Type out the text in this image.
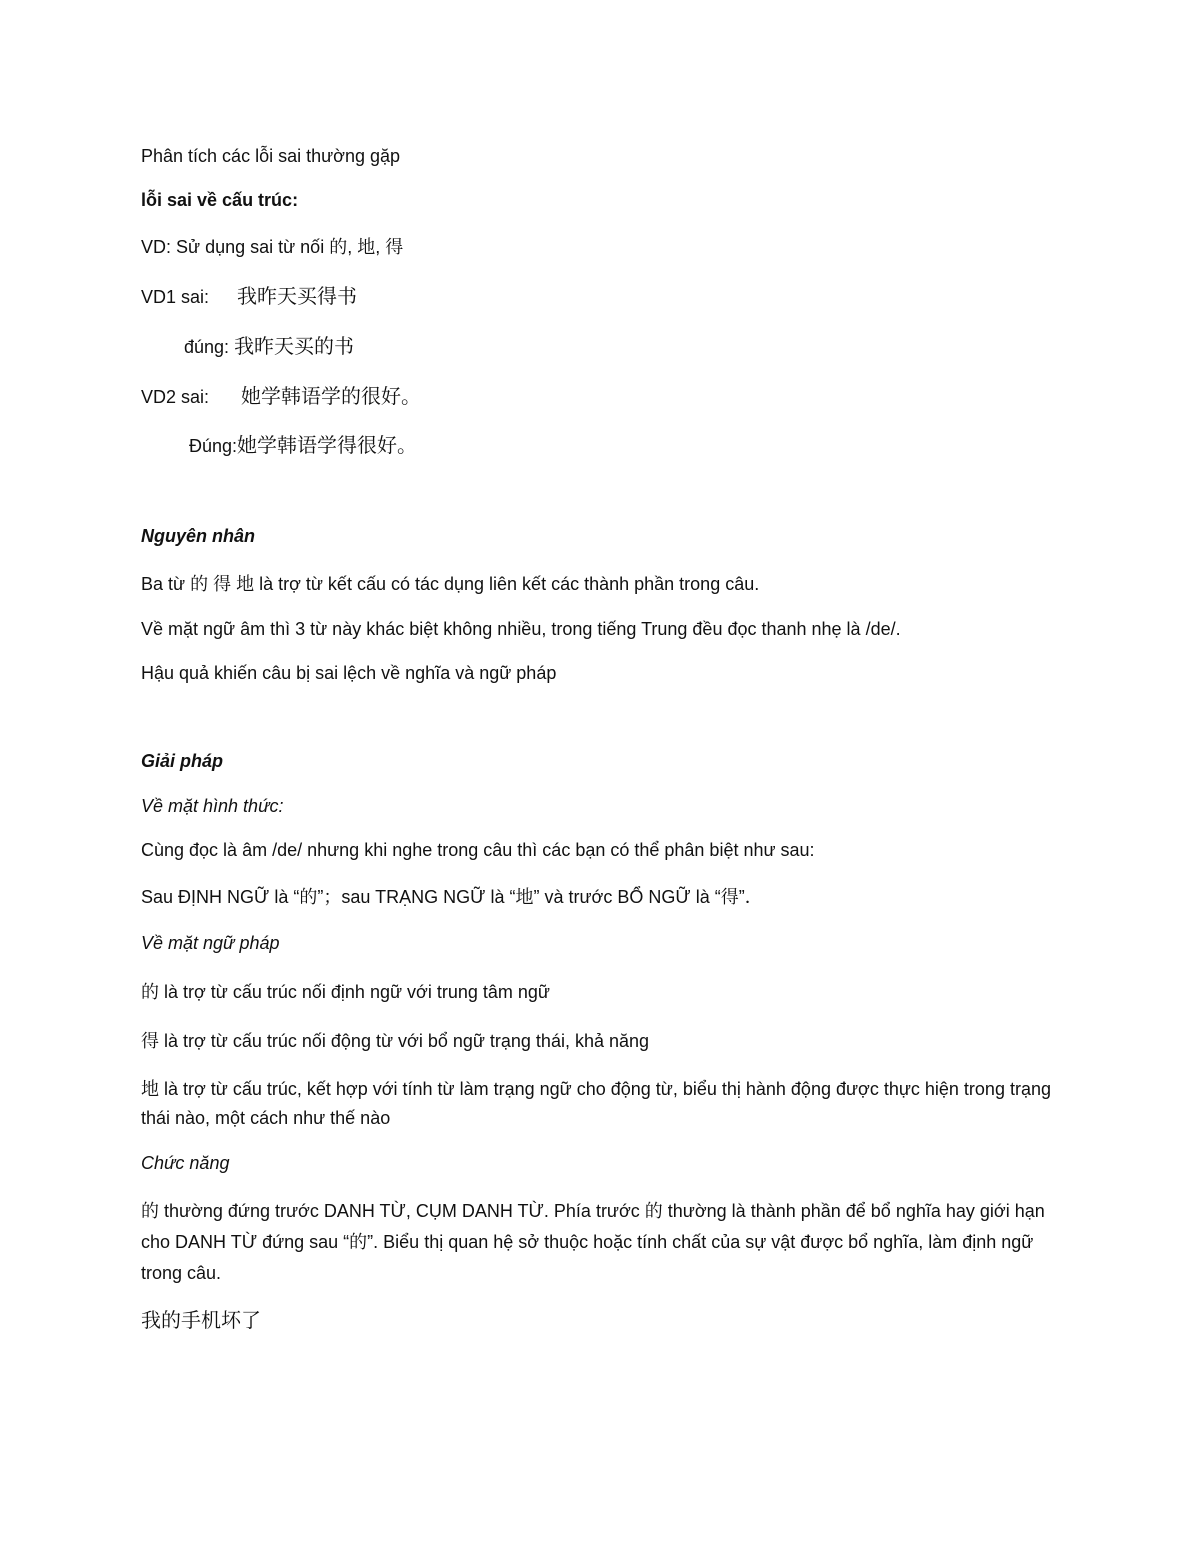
Phân tích các lỗi sai thường gặp
lỗi sai về cấu trúc:
VD: Sử dụng sai từ nối 的, 地, 得
VD1 sai: 我昨天买得书
đúng: 我昨天买的书
VD2 sai: 她学韩语学的很好。
Đúng:她学韩语学得很好。
Nguyên nhân
Ba từ 的 得 地 là trợ từ kết cấu có tác dụng liên kết các thành phần trong câu.
Về mặt ngữ âm thì 3 từ này khác biệt không nhiều, trong tiếng Trung đều đọc thanh nhẹ là /de/.
Hậu quả khiến câu bị sai lệch về nghĩa và ngữ pháp
Giải pháp
Về mặt hình thức:
Cùng đọc là âm /de/ nhưng khi nghe trong câu thì các bạn có thể phân biệt như sau:
Sau ĐỊNH NGỮ là “的”；sau TRẠNG NGỮ là “地” và trước BỔ NGỮ là “得”．
Về mặt ngữ pháp
的 là trợ từ cấu trúc nối định ngữ với trung tâm ngữ
得 là trợ từ cấu trúc nối động từ với bổ ngữ trạng thái, khả năng
地 là trợ từ cấu trúc, kết hợp với tính từ làm trạng ngữ cho động từ, biểu thị hành động được thực hiện trong trạng thái nào, một cách như thế nào
Chức năng
的 thường đứng trước DANH TỪ, CỤM DANH TỪ. Phía trước 的 thường là thành phần để bổ nghĩa hay giới hạn cho DANH TỪ đứng sau “的”. Biểu thị quan hệ sở thuộc hoặc tính chất của sự vật được bổ nghĩa, làm định ngữ trong câu.
我的手机坏了
